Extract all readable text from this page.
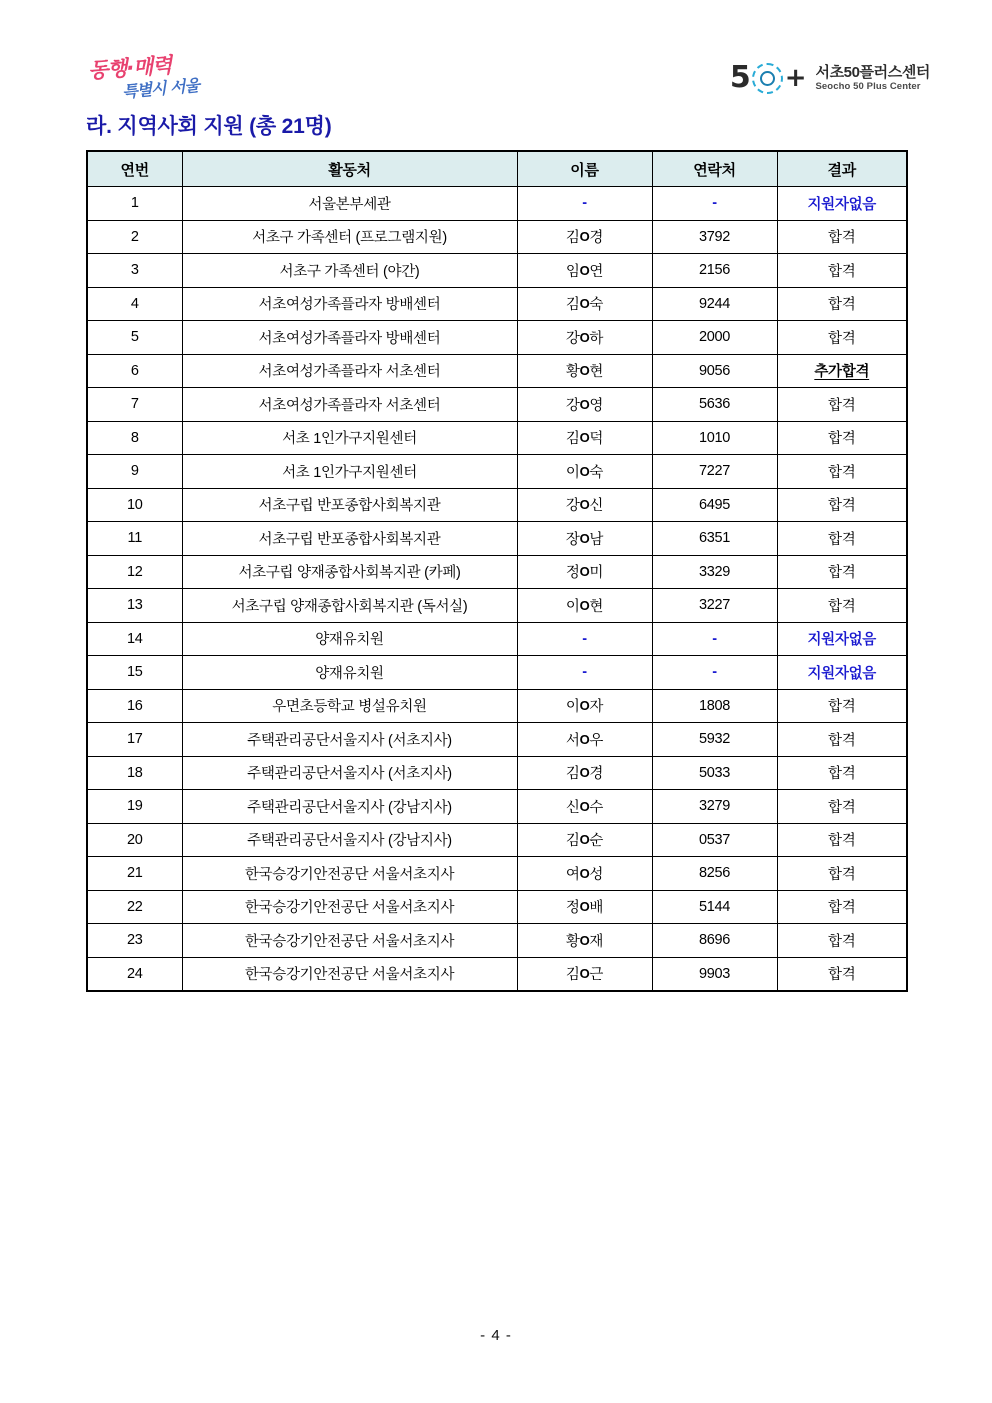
동행·매력
특별시 서울	5 + 서초50플러스센터
Seocho 50 Plus Center
라. 지역사회 지원 (총 21명)
연번	활동처	이름	연락처	결과
1	서울본부세관	-	-	지원자없음
2	서초구 가족센터 (프로그램지원)	김O경	3792	합격
3	서초구 가족센터 (야간)	임O연	2156	합격
4	서초여성가족플라자 방배센터	김O숙	9244	합격
5	서초여성가족플라자 방배센터	강O하	2000	합격
6	서초여성가족플라자 서초센터	황O현	9056	추가합격
7	서초여성가족플라자 서초센터	강O영	5636	합격
8	서초 1인가구지원센터	김O덕	1010	합격
9	서초 1인가구지원센터	이O숙	7227	합격
10	서초구립 반포종합사회복지관	강O신	6495	합격
11	서초구립 반포종합사회복지관	장O남	6351	합격
12	서초구립 양재종합사회복지관 (카페)	정O미	3329	합격
13	서초구립 양재종합사회복지관 (독서실)	이O현	3227	합격
14	양재유치원	-	-	지원자없음
15	양재유치원	-	-	지원자없음
16	우면초등학교 병설유치원	이O자	1808	합격
17	주택관리공단서울지사 (서초지사)	서O우	5932	합격
18	주택관리공단서울지사 (서초지사)	김O경	5033	합격
19	주택관리공단서울지사 (강남지사)	신O수	3279	합격
20	주택관리공단서울지사 (강남지사)	김O순	0537	합격
21	한국승강기안전공단 서울서초지사	여O성	8256	합격
22	한국승강기안전공단 서울서초지사	정O배	5144	합격
23	한국승강기안전공단 서울서초지사	황O재	8696	합격
24	한국승강기안전공단 서울서초지사	김O근	9903	합격
- 4 -
